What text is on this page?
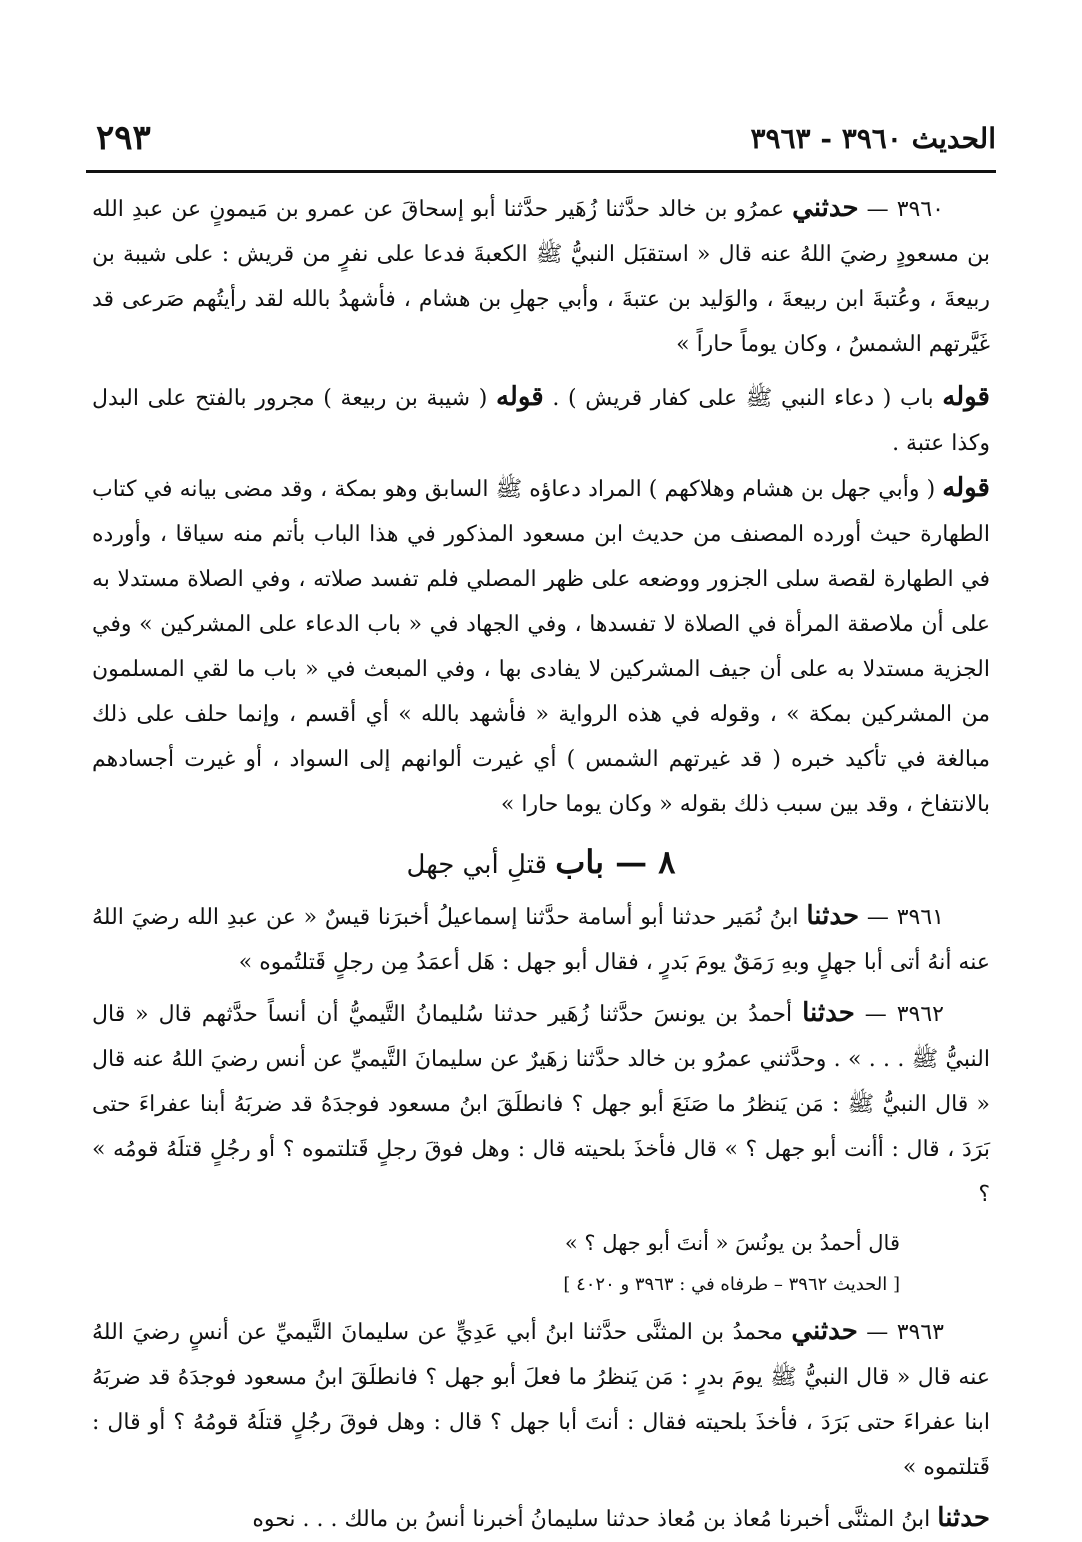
الحديث ٣٩٦٠ - ٣٩٦٣
٢٩٣

٣٩٦٠ — حدثني عمرُو بن خالد حدَّثنا زُهَير حدَّثنا أبو إسحاقَ عن عمرو بن مَيمونٍ عن عبدِ الله بن مسعودٍ رضيَ اللهُ عنه قال « استقبَل النبيُّ ﷺ الكعبةَ فدعا على نفرٍ من قريش : على شيبة بن ربيعةَ ، وعُتبةَ ابن ربيعةَ ، والوَليد بن عتبةَ ، وأبي جهلِ بن هشام ، فأشهدُ بالله لقد رأيتُهم صَرعى قد غَيَّرتهم الشمسُ ، وكان يوماً حاراً »

قوله باب ( دعاء النبي ﷺ على كفار قريش ) . قوله ( شيبة بن ربيعة ) مجرور بالفتح على البدل وكذا عتبة .

قوله ( وأبي جهل بن هشام وهلاكهم ) المراد دعاؤه ﷺ السابق وهو بمكة ، وقد مضى بيانه في كتاب الطهارة حيث أورده المصنف من حديث ابن مسعود المذكور في هذا الباب بأتم منه سياقا ، وأورده في الطهارة لقصة سلى الجزور ووضعه على ظهر المصلي فلم تفسد صلاته ، وفي الصلاة مستدلا به على أن ملاصقة المرأة في الصلاة لا تفسدها ، وفي الجهاد في « باب الدعاء على المشركين » وفي الجزية مستدلا به على أن جيف المشركين لا يفادى بها ، وفي المبعث في « باب ما لقي المسلمون من المشركين بمكة » ، وقوله في هذه الرواية « فأشهد بالله » أي أقسم ، وإنما حلف على ذلك مبالغة في تأكيد خبره ( قد غيرتهم الشمس ) أي غيرت ألوانهم إلى السواد ، أو غيرت أجسادهم بالانتفاخ ، وقد بين سبب ذلك بقوله « وكان يوما حارا »

٨ — باب قتلِ أبي جهل

٣٩٦١ — حدثنا ابنُ نُمَير حدثنا أبو أسامة حدَّثنا إسماعيلُ أخبرَنا قيسٌ « عن عبدِ الله رضيَ اللهُ عنه أنهُ أتى أبا جهلٍ وبهِ رَمَقٌ يومَ بَدرٍ ، فقال أبو جهل : هَل أعمَدُ مِن رجلٍ قَتلتُموه »

٣٩٦٢ — حدثنا أحمدُ بن يونسَ حدَّثنا زُهَير حدثنا سُليمانُ التَّيميُّ أن أنساً حدَّثهم قال « قال النبيُّ ﷺ . . . » . وحدَّثني عمرُو بن خالد حدَّثنا زهَيرٌ عن سليمانَ التَّيميِّ عن أنس رضيَ اللهُ عنه قال « قال النبيُّ ﷺ : مَن يَنظرُ ما صَنَعَ أبو جهل ؟ فانطلَقَ ابنُ مسعود فوجدَهُ قد ضربَهُ أبنا عفراءَ حتى بَرَدَ ، قال : أأنت أبو جهل ؟ » قال فأخذَ بلحيته قال : وهل فوقَ رجلٍ قَتلتموه ؟ أو رجُلٍ قتلَهُ قومُه » ؟

قال أحمدُ بن يونُسَ « أنتَ أبو جهل ؟ »

[ الحديث ٣٩٦٢ – طرفاه في : ٣٩٦٣ و ٤٠٢٠ ]

٣٩٦٣ — حدثني محمدُ بن المثنَّى حدَّثنا ابنُ أبي عَدِيٍّ عن سليمانَ التَّيميِّ عن أنسٍ رضيَ اللهُ عنه قال « قال النبيُّ ﷺ يومَ بدرٍ : مَن يَنظرُ ما فعلَ أبو جهل ؟ فانطلَقَ ابنُ مسعود فوجدَهُ قد ضربَهُ ابنا عفراءَ حتى بَرَدَ ، فأخذَ بلحيته فقال : أنتَ أبا جهل ؟ قال : وهل فوقَ رجُلٍ قتلَهُ قومُهُ ؟ أو قال : قَتلتموه »

حدثنا ابنُ المثنَّى أخبرنا مُعاذ بن مُعاذ حدثنا سليمانُ أخبرنا أنسُ بن مالك . . . نحوه
